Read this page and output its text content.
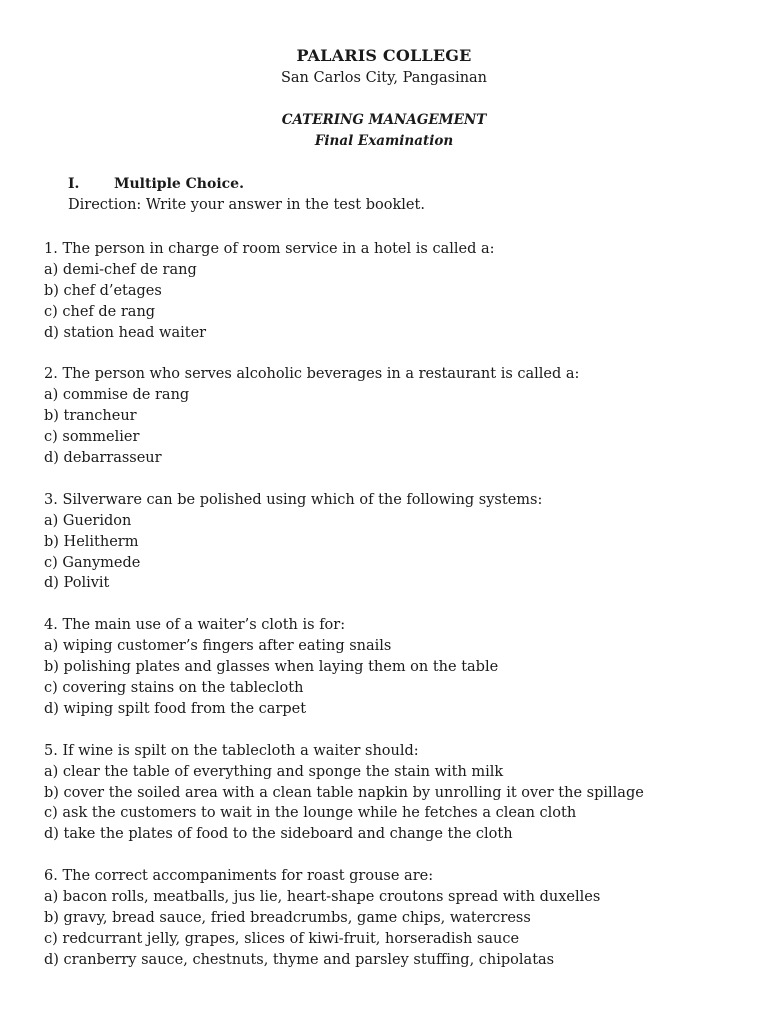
PALARIS COLLEGE
San Carlos City, Pangasinan
CATERING MANAGEMENT
Final Examination
I. Multiple Choice.
Direction: Write your answer in the test booklet.
1. The person in charge of room service in a hotel is called a:
a) demi-chef de rang
b) chef d’etages
c) chef de rang
d) station head waiter
2. The person who serves alcoholic beverages in a restaurant is called a:
a) commise de rang
b) trancheur
c) sommelier
d) debarrasseur
3. Silverware can be polished using which of the following systems:
a) Gueridon
b) Helitherm
c) Ganymede
d) Polivit
4. The main use of a waiter’s cloth is for:
a) wiping customer’s fingers after eating snails
b) polishing plates and glasses when laying them on the table
c) covering stains on the tablecloth
d) wiping spilt food from the carpet
5. If wine is spilt on the tablecloth a waiter should:
a) clear the table of everything and sponge the stain with milk
b) cover the soiled area with a clean table napkin by unrolling it over the spillage
c) ask the customers to wait in the lounge while he fetches a clean cloth
d) take the plates of food to the sideboard and change the cloth
6. The correct accompaniments for roast grouse are:
a) bacon rolls, meatballs, jus lie, heart-shape croutons spread with duxelles
b) gravy, bread sauce, fried breadcrumbs, game chips, watercress
c) redcurrant jelly, grapes, slices of kiwi-fruit, horseradish sauce
d) cranberry sauce, chestnuts, thyme and parsley stuffing, chipolatas
